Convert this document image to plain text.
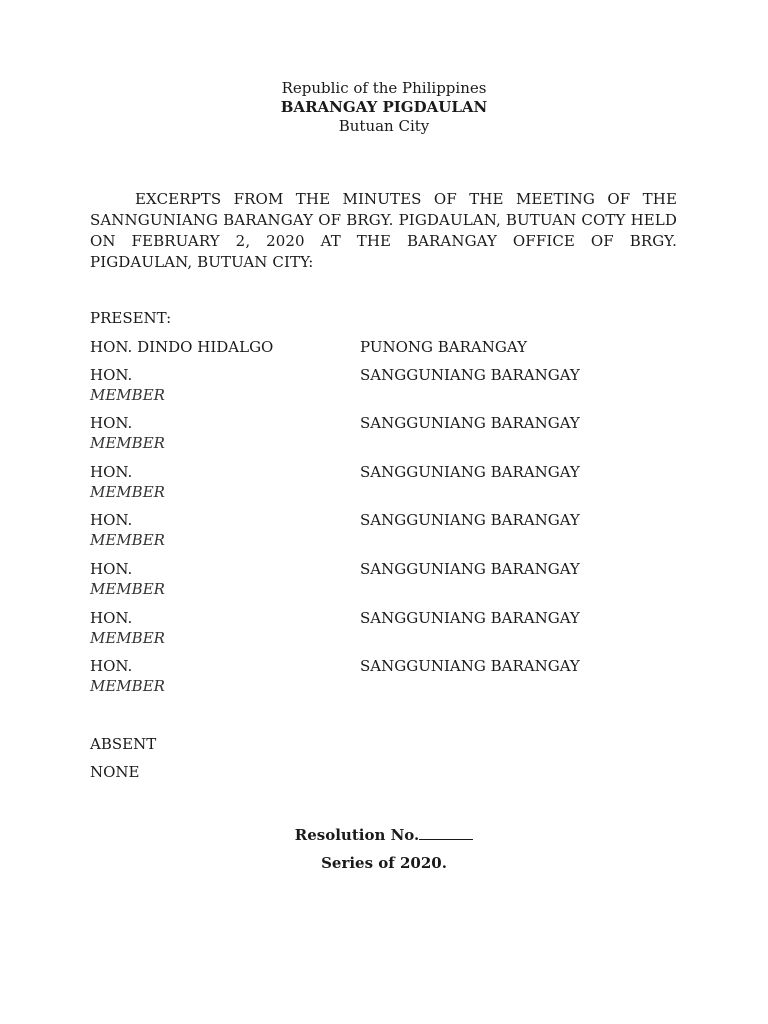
Republic of the Philippines
BARANGAY PIGDAULAN
Butuan City
EXCERPTS FROM THE MINUTES OF THE MEETING OF THE SANNGUNIANG BARANGAY OF BRGY. PIGDAULAN, BUTUAN COTY HELD ON FEBRUARY 2, 2020 AT THE BARANGAY OFFICE OF BRGY. PIGDAULAN, BUTUAN CITY:
PRESENT:
HON. DINDO HIDALGO	PUNONG BARANGAY
HON.	SANGGUNIANG BARANGAY
MEMBER
HON.	SANGGUNIANG BARANGAY
MEMBER
HON.	SANGGUNIANG BARANGAY
MEMBER
HON.	SANGGUNIANG BARANGAY
MEMBER
HON.	SANGGUNIANG BARANGAY
MEMBER
HON.	SANGGUNIANG BARANGAY
MEMBER
HON.	SANGGUNIANG BARANGAY
MEMBER
ABSENT
NONE
Resolution No.
Series of 2020.
